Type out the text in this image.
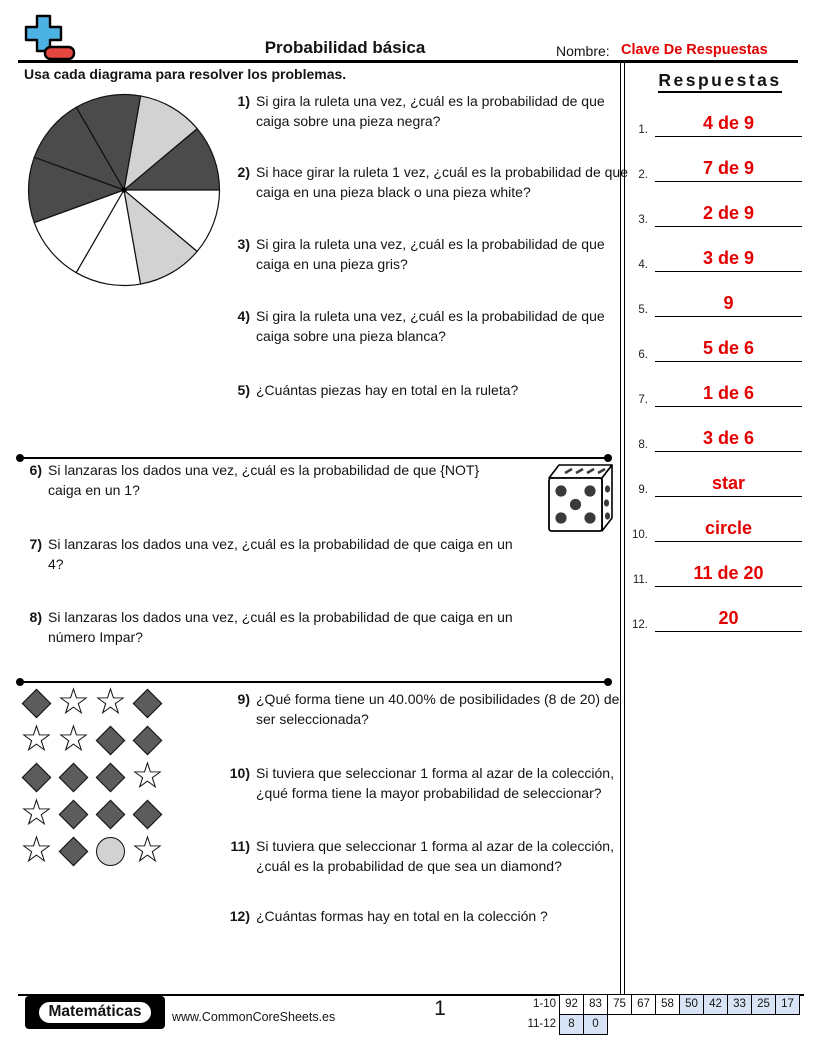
Probabilidad básica	Nombre: Clave De Respuestas
Usa cada diagrama para resolver los problemas.
1) Si gira la ruleta una vez, ¿cuál es la probabilidad de que caiga sobre una pieza negra?
2) Si hace girar la ruleta 1 vez, ¿cuál es la probabilidad de que caiga en una pieza black o una pieza white?
3) Si gira la ruleta una vez, ¿cuál es la probabilidad de que caiga en una pieza gris?
4) Si gira la ruleta una vez, ¿cuál es la probabilidad de que caiga sobre una pieza blanca?
5) ¿Cuántas piezas hay en total en la ruleta?
6) Si lanzaras los dados una vez, ¿cuál es la probabilidad de que {NOT} caiga en un 1?
7) Si lanzaras los dados una vez, ¿cuál es la probabilidad de que caiga en un 4?
8) Si lanzaras los dados una vez, ¿cuál es la probabilidad de que caiga en un número Impar?
☆
☆
☆
☆
☆
☆
☆
☆
9) ¿Qué forma tiene un 40.00% de posibilidades (8 de 20) de ser seleccionada?
10) Si tuviera que seleccionar 1 forma al azar de la colección, ¿qué forma tiene la mayor probabilidad de seleccionar?
11) Si tuviera que seleccionar 1 forma al azar de la colección, ¿cuál es la probabilidad de que sea un diamond?
12) ¿Cuántas formas hay en total en la colección ?
Respuestas
1.	4 de 9
2.	7 de 9
3.	2 de 9
4.	3 de 9
5.	9
6.	5 de 6
7.	1 de 6
8.	3 de 6
9.	star
10.	circle
11.	11 de 20
12.	20
Matemáticas	www.CommonCoreSheets.es	1	1-10 92 83 75 67 58 50 42 33 25 17
11-12	8	0
